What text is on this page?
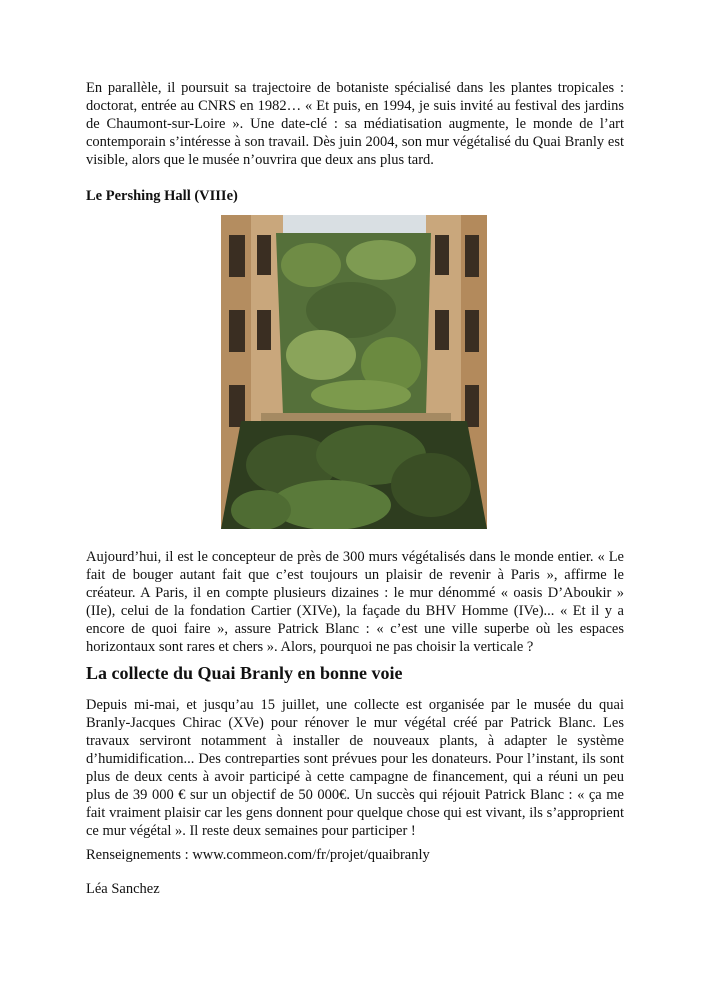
En parallèle, il poursuit sa trajectoire de botaniste spécialisé dans les plantes tropicales : doctorat, entrée au CNRS en 1982… « Et puis, en 1994, je suis invité au festival des jardins de Chaumont-sur-Loire ». Une date-clé : sa médiatisation augmente, le monde de l’art contemporain s’intéresse à son travail. Dès juin 2004, son mur végétalisé du Quai Branly est visible, alors que le musée n’ouvrira que deux ans plus tard.

Le Pershing Hall (VIIIe)

Aujourd’hui, il est le concepteur de près de 300 murs végétalisés dans le monde entier. « Le fait de bouger autant fait que c’est toujours un plaisir de revenir à Paris », affirme le créateur. A Paris, il en compte plusieurs dizaines : le mur dénommé « oasis D’Aboukir » (IIe), celui de la fondation Cartier (XIVe), la façade du BHV Homme (IVe)... « Et il y a encore de quoi faire », assure Patrick Blanc : « c’est une ville superbe où les espaces horizontaux sont rares et chers ». Alors, pourquoi ne pas choisir la verticale ?

La collecte du Quai Branly en bonne voie

Depuis mi-mai, et jusqu’au 15 juillet, une collecte est organisée par le musée du quai Branly-Jacques Chirac (XVe) pour rénover le mur végétal créé par Patrick Blanc. Les travaux serviront notamment à installer de nouveaux plants, à adapter le système d’humidification... Des contreparties sont prévues pour les donateurs. Pour l’instant, ils sont plus de deux cents à avoir participé à cette campagne de financement, qui a réuni un peu plus de 39 000 € sur un objectif de 50 000€. Un succès qui réjouit Patrick Blanc : « ça me fait vraiment plaisir car les gens donnent pour quelque chose qui est vivant, ils s’approprient ce mur végétal ». Il reste deux semaines pour participer !

Renseignements : www.commeon.com/fr/projet/quaibranly

Léa Sanchez
